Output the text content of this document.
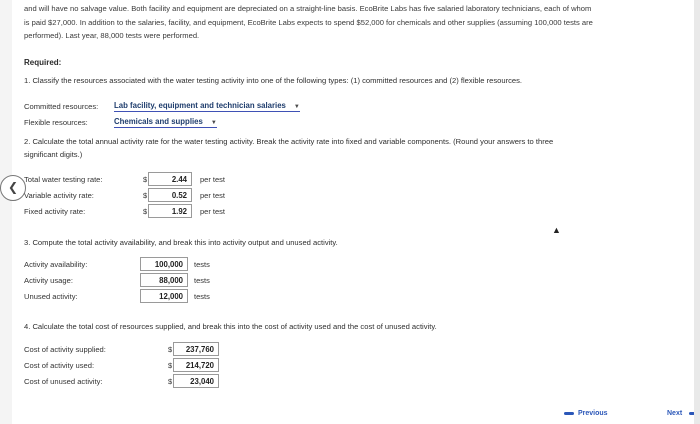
and will have no salvage value. Both facility and equipment are depreciated on a straight-line basis. EcoBrite Labs has five salaried laboratory technicians, each of whom
is paid $27,000. In addition to the salaries, facility, and equipment, EcoBrite Labs expects to spend $52,000 for chemicals and other supplies (assuming 100,000 tests are
performed). Last year, 88,000 tests were performed.
Required:
1. Classify the resources associated with the water testing activity into one of the following types: (1) committed resources and (2) flexible resources.
Committed resources: Lab facility, equipment and technician salaries ▼
Flexible resources:	Chemicals and supplies ▼
2. Calculate the total annual activity rate for the water testing activity. Break the activity rate into fixed and variable components. (Round your answers to three
significant digits.)
Total water testing rate:	$	2.44	per test
Variable activity rate:	$	0.52	per test
Fixed activity rate:	$	1.92	per test
3. Compute the total activity availability, and break this into activity output and unused activity.
Activity availability:	100,000	tests
Activity usage:	88,000	tests
Unused activity:	12,000	tests
4. Calculate the total cost of resources supplied, and break this into the cost of activity used and the cost of unused activity.
Cost of activity supplied:	$	237,760
Cost of activity used:	$	214,720
Cost of unused activity:	$	23,040
▲
Previous	Next
❮
